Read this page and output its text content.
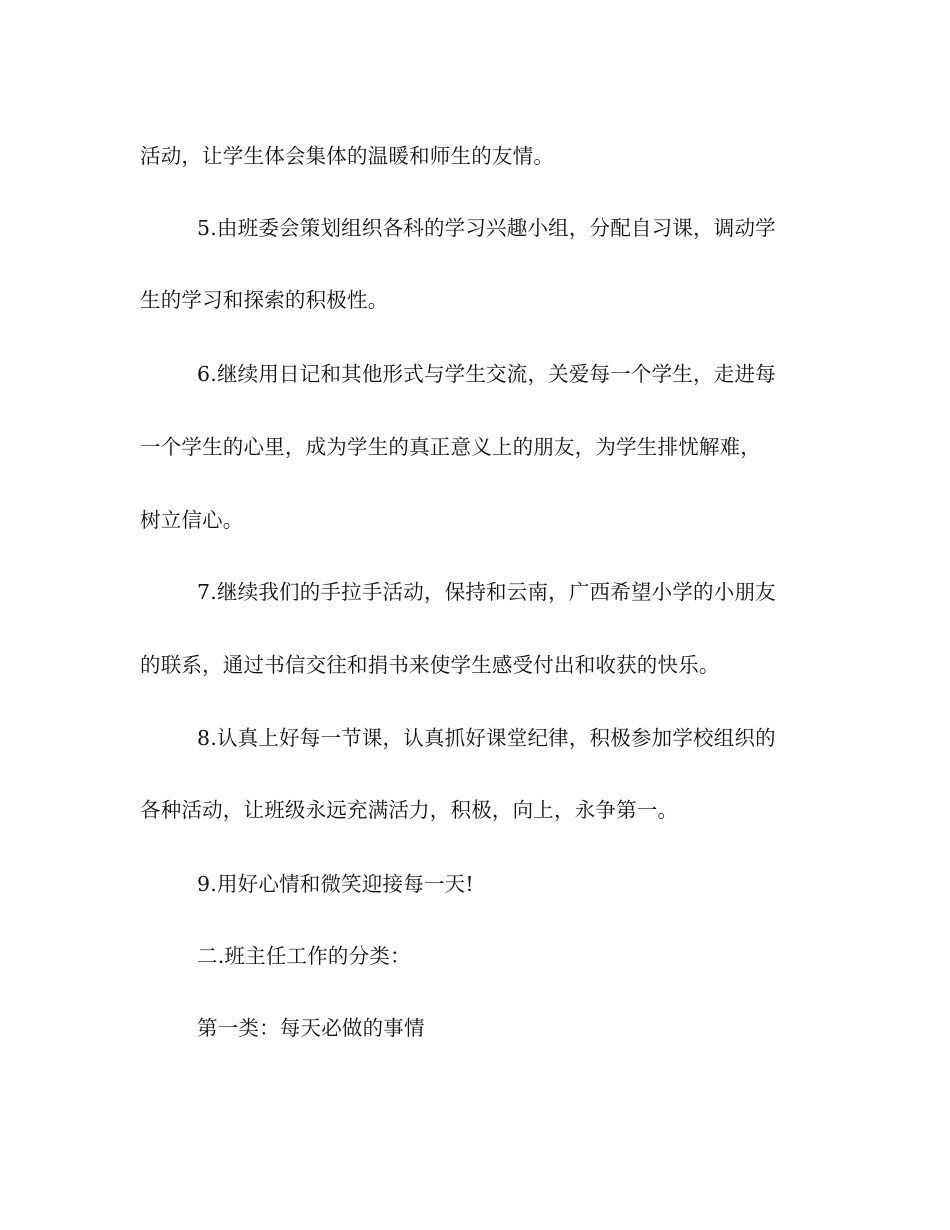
活动，让学生体会集体的温暖和师生的友情。
5.由班委会策划组织各科的学习兴趣小组，分配自习课，调动学
生的学习和探索的积极性。
6.继续用日记和其他形式与学生交流，关爱每一个学生，走进每
一个学生的心里，成为学生的真正意义上的朋友，为学生排忧解难，
树立信心。
7.继续我们的手拉手活动，保持和云南，广西希望小学的小朋友
的联系，通过书信交往和捐书来使学生感受付出和收获的快乐。
8.认真上好每一节课，认真抓好课堂纪律，积极参加学校组织的
各种活动，让班级永远充满活力，积极，向上，永争第一。
9.用好心情和微笑迎接每一天!
二.班主任工作的分类：
第一类：每天必做的事情
